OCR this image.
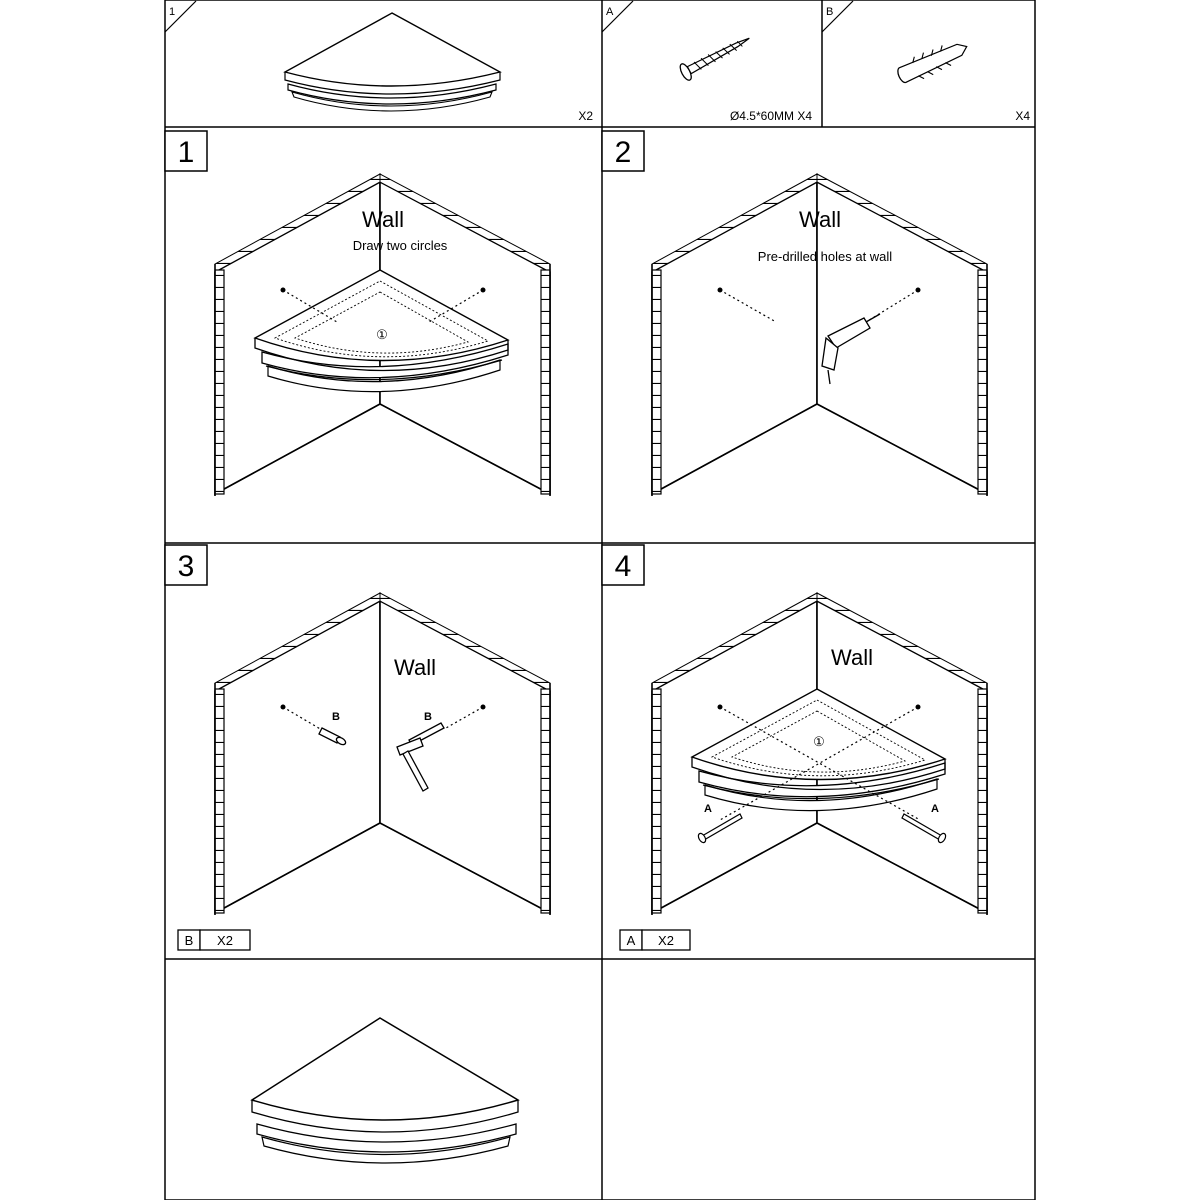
1
X2
A
Ø4.5*60MM X4
B
X4
1
①
Wall
Draw two circles
2
Wall
Pre-drilled holes at wall
3
B	B
Wall
B X2
4
①
A	A
Wall
A X2
